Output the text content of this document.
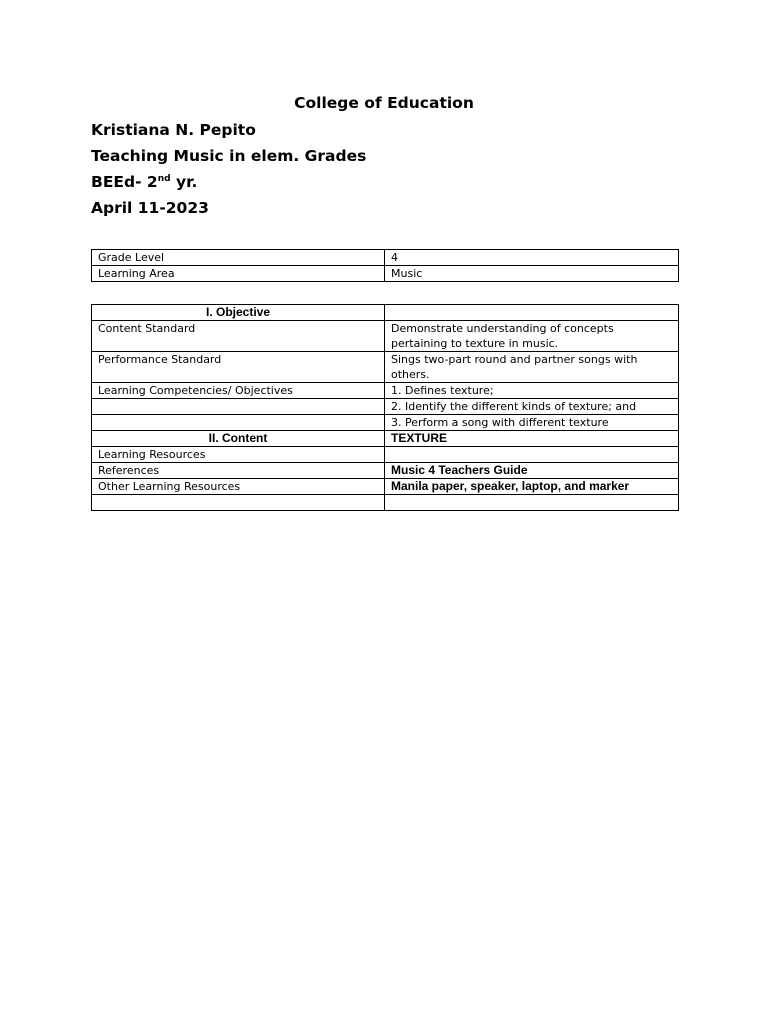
College of Education
Kristiana N. Pepito
Teaching Music in elem. Grades
BEEd- 2nd yr.
April 11-2023
Grade Level	4
Learning Area	Music
I. Objective	
Content Standard	Demonstrate understanding of concepts pertaining to texture in music.
Performance Standard	Sings two-part round and partner songs with others.
Learning Competencies/ Objectives	1. Defines texture;
	2. Identify the different kinds of texture; and
	3. Perform a song with different texture
II. Content	TEXTURE
Learning Resources	
References	Music 4 Teachers Guide
Other Learning Resources	Manila paper, speaker, laptop, and marker
